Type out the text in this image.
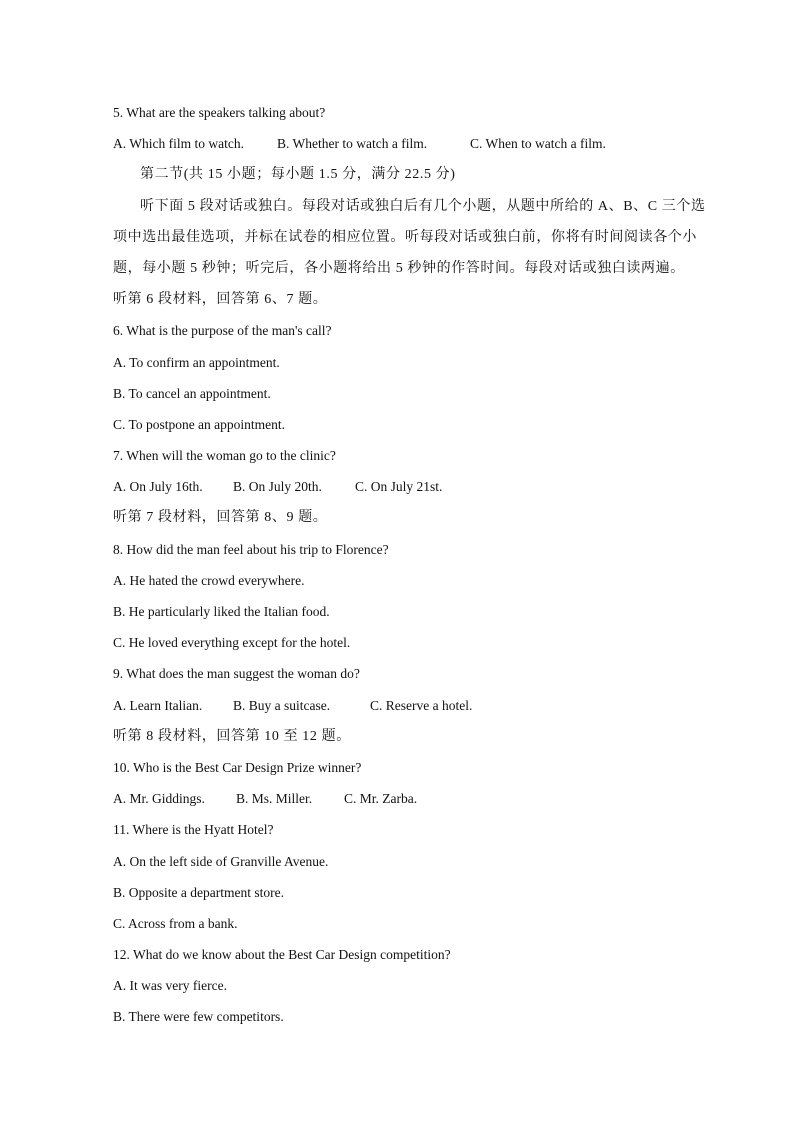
5. What are the speakers talking about?
A. Which film to watch.	B. Whether to watch a film.	C. When to watch a film.
第二节(共 15 小题；每小题 1.5 分，满分 22.5 分)
听下面 5 段对话或独白。每段对话或独白后有几个小题，从题中所给的 A、B、C 三个选
项中选出最佳选项，并标在试卷的相应位置。听每段对话或独白前，你将有时间阅读各个小
题，每小题 5 秒钟；听完后，各小题将给出 5 秒钟的作答时间。每段对话或独白读两遍。
听第 6 段材料，回答第 6、7 题。
6. What is the purpose of the man's call?
A. To confirm an appointment.
B. To cancel an appointment.
C. To postpone an appointment.
7. When will the woman go to the clinic?
A. On July 16th.	B. On July 20th.	C. On July 21st.
听第 7 段材料，回答第 8、9 题。
8. How did the man feel about his trip to Florence?
A. He hated the crowd everywhere.
B. He particularly liked the Italian food.
C. He loved everything except for the hotel.
9. What does the man suggest the woman do?
A. Learn Italian.	B. Buy a suitcase.	C. Reserve a hotel.
听第 8 段材料，回答第 10 至 12 题。
10. Who is the Best Car Design Prize winner?
A. Mr. Giddings.	B. Ms. Miller.	C. Mr. Zarba.
11. Where is the Hyatt Hotel?
A. On the left side of Granville Avenue.
B. Opposite a department store.
C. Across from a bank.
12. What do we know about the Best Car Design competition?
A. It was very fierce.
B. There were few competitors.
